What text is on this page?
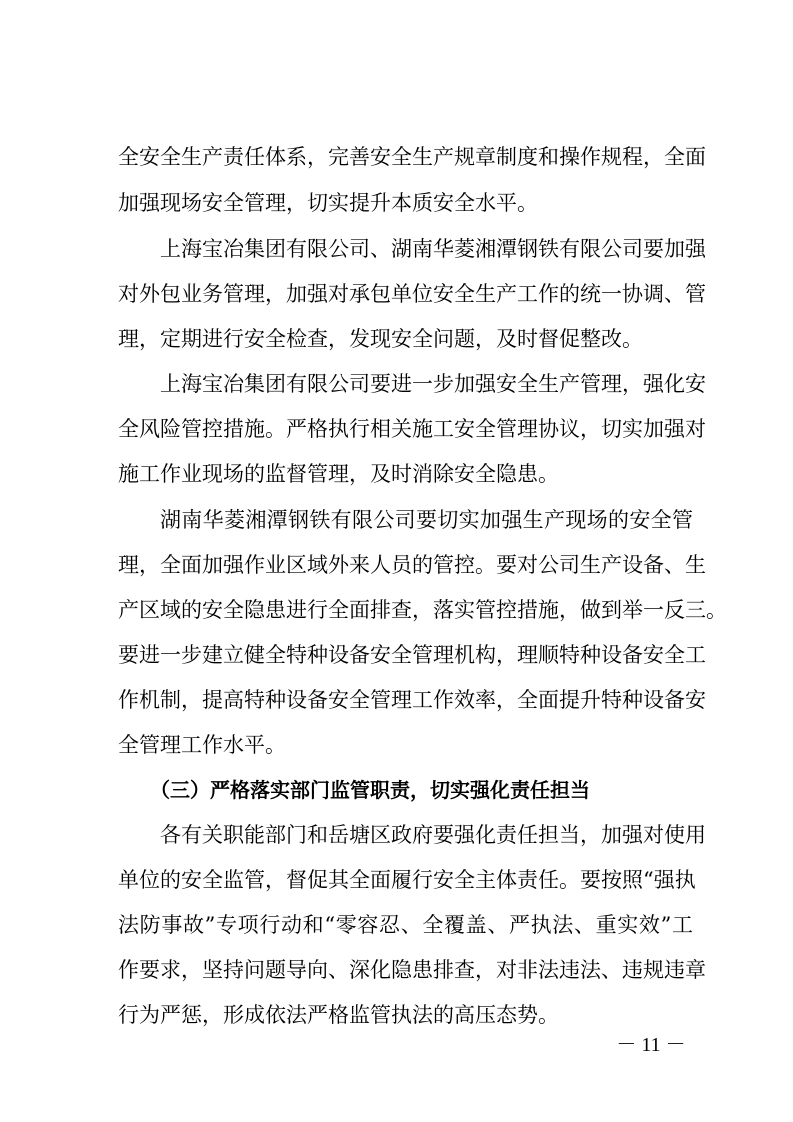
全安全生产责任体系，完善安全生产规章制度和操作规程，全面
加强现场安全管理，切实提升本质安全水平。
上海宝冶集团有限公司、湖南华菱湘潭钢铁有限公司要加强
对外包业务管理，加强对承包单位安全生产工作的统一协调、管
理，定期进行安全检查，发现安全问题，及时督促整改。
上海宝冶集团有限公司要进一步加强安全生产管理，强化安
全风险管控措施。严格执行相关施工安全管理协议，切实加强对
施工作业现场的监督管理，及时消除安全隐患。
湖南华菱湘潭钢铁有限公司要切实加强生产现场的安全管
理，全面加强作业区域外来人员的管控。要对公司生产设备、生
产区域的安全隐患进行全面排查，落实管控措施，做到举一反三。
要进一步建立健全特种设备安全管理机构，理顺特种设备安全工
作机制，提高特种设备安全管理工作效率，全面提升特种设备安
全管理工作水平。
（三）严格落实部门监管职责，切实强化责任担当
各有关职能部门和岳塘区政府要强化责任担当，加强对使用
单位的安全监管，督促其全面履行安全主体责任。要按照“强执
法防事故”专项行动和“零容忍、全覆盖、严执法、重实效”工
作要求，坚持问题导向、深化隐患排查，对非法违法、违规违章
行为严惩，形成依法严格监管执法的高压态势。
－ 11 －
